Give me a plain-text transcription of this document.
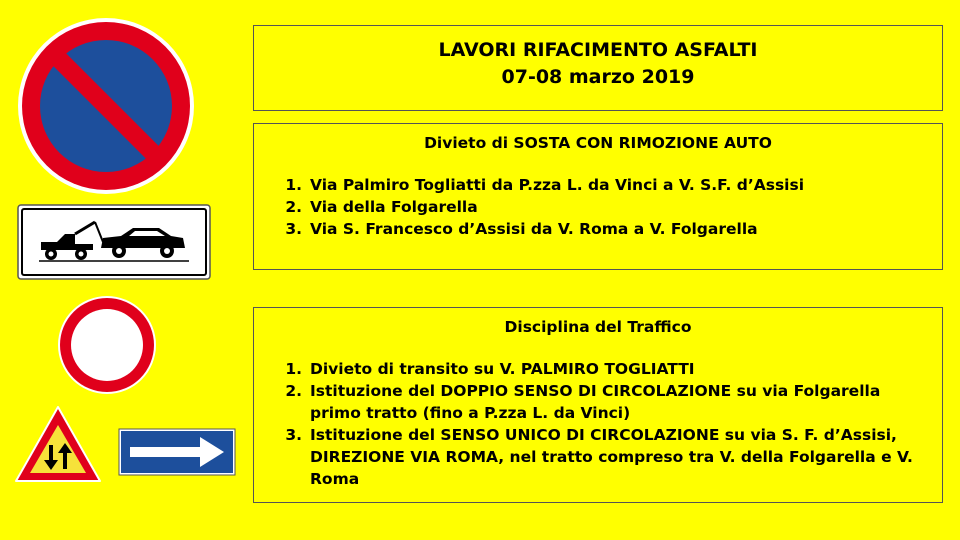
LAVORI RIFACIMENTO ASFALTI
07-08 marzo 2019
Divieto di SOSTA CON RIMOZIONE AUTO
1. Via Palmiro Togliatti da P.zza L. da Vinci a V. S.F. d’Assisi
2. Via della Folgarella
3. Via S. Francesco d’Assisi da V. Roma a V. Folgarella
Disciplina del Traffico
1. Divieto di transito su V. PALMIRO TOGLIATTI
2. Istituzione del DOPPIO SENSO DI CIRCOLAZIONE su via Folgarella primo tratto (fino a P.zza L. da Vinci)
3. Istituzione del SENSO UNICO DI CIRCOLAZIONE su via S. F. d’Assisi, DIREZIONE VIA ROMA, nel tratto compreso tra V. della Folgarella e V. Roma
